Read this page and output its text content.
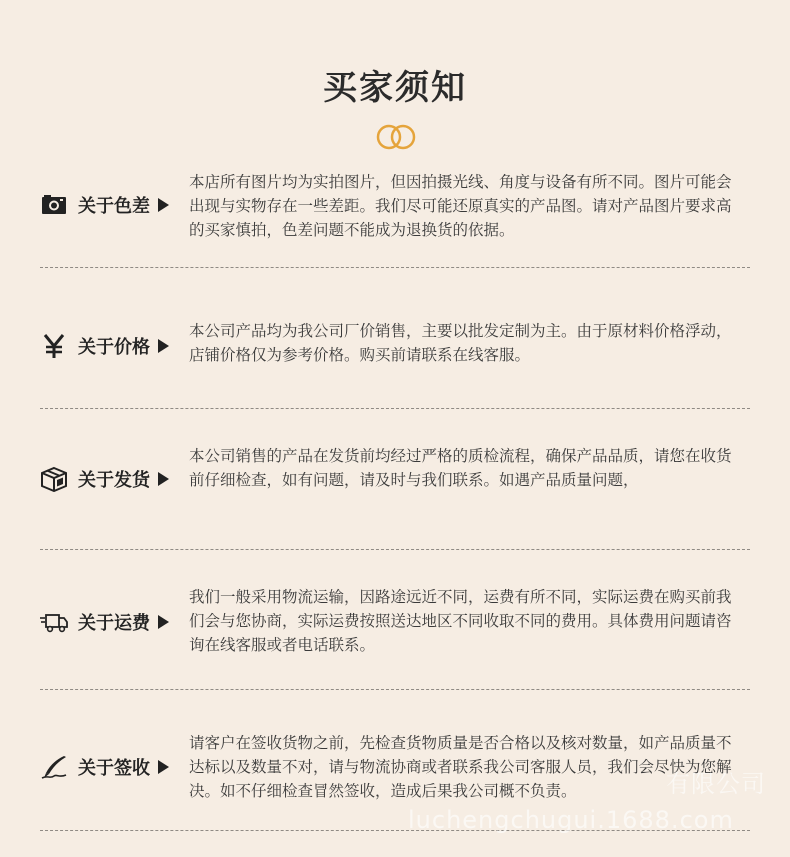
买家须知
关于色差
本店所有图片均为实拍图片，但因拍摄光线、角度与设备有所不同。图片可能会出现与实物存在一些差距。我们尽可能还原真实的产品图。请对产品图片要求高的买家慎拍，色差问题不能成为退换货的依据。
关于价格
本公司产品均为我公司厂价销售，主要以批发定制为主。由于原材料价格浮动，店铺价格仅为参考价格。购买前请联系在线客服。
关于发货
本公司销售的产品在发货前均经过严格的质检流程，确保产品品质，请您在收货前仔细检查，如有问题，请及时与我们联系。如遇产品质量问题，
关于运费
我们一般采用物流运输，因路途远近不同，运费有所不同，实际运费在购买前我们会与您协商，实际运费按照送达地区不同收取不同的费用。具体费用问题请咨询在线客服或者电话联系。
关于签收
请客户在签收货物之前，先检查货物质量是否合格以及核对数量，如产品质量不达标以及数量不对，请与物流协商或者联系我公司客服人员，我们会尽快为您解决。如不仔细检查冒然签收，造成后果我公司概不负责。	有限公司
luchengchugui.1688.com
